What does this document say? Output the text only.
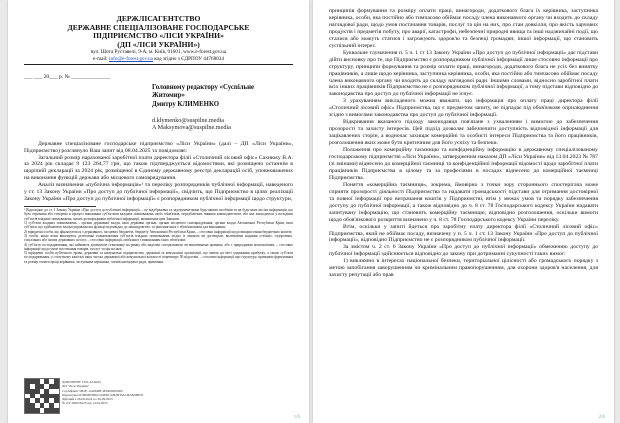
ДЕРЖЛІСАГЕНТСТВО
ДЕРЖАВНЕ СПЕЦІАЛІЗОВАНЕ ГОСПОДАРСЬКЕ
ПІДПРИЄМСТВО «ЛІСИ УКРАЇНИ»
(ДП «ЛІСИ УКРАЇНИ»)
вул. Шота Руставелі, 9-А, м. Київ, 01601, www.e-forest.gov.ua
e-mail: info@e-forest.gov.ua код згідно з ЄДРПОУ 44768034
___ ___ 20___ р. № ______________
Головному редактору «Суспільне
Житомир»
Дмитру КЛИМЕНКО
d.klymenko@suspilne.media
A Maksymova@suspilne.media

Державне спеціалізоване господарське підприємство «Ліси України» (далі – ДП «Ліси України», Підприємство) розглянуло Ваш запит від 08.04.2025 та повідомляє:

Загальний розмір нарахованої заробітної плати директора філії «Столичний лісовий офіс» Сахнюку В.А. за 2024 рік складає 9 123 264,77 грн, що також підтверджується відомостями, які розміщено останнім в щорічній декларації за 2024 рік, розміщеної в Єдиному державному реєстрі декларацій осіб, уповноважених на виконання функцій держави або місцевого самоврядування.

Аналіз визначення «публічна інформація»¹ та переліку розпорядників публічної інформації, наведеного у ст. 13 Закону України «Про доступ до публічної інформації», свідчить, що Підприємство в цілях реалізації Закону України «Про доступ до публічної інформації» є розпорядником публічної інформації щодо структури,

¹ Відповідно до ст. 1 Закону України «Про доступ до публічної інформації» – це відображена та задокументована будь-якими засобами та на будь-яких носіях інформація, що була отримана або створена в процесі виконання суб'єктами владних повноважень своїх обов'язків, передбачених чинним законодавством, або яка знаходиться у володінні суб'єктів владних повноважень, інших розпорядників публічної інформації, визначених цим Законом.

1) суб'єкти владних повноважень – органи державної влади, інші державні органи, органи місцевого самоврядування, органи влади Автономної Республіки Крим, інші суб'єкти, що здійснюють владні управлінські функції відповідно до законодавства, та рішення яких є обов'язковими для виконання;

2) юридичні особи, що фінансуються з державного, місцевих бюджетів, бюджету Автономної Республіки Крим, – стосовно інформації щодо використання бюджетних коштів;

3) особи, якщо вони виконують делеговані повноваження суб'єктів владних повноважень згідно із законом чи договором, включаючи надання освітніх, оздоровчих, соціальних або інших державних послуг, – стосовно інформації, пов'язаної з виконанням їхніх обов'язків;

4) суб'єкти господарювання, які займають домінуюче становище на ринку або наділені спеціальними чи виключними правами, або є природними монополіями, – стосовно інформації щодо умов постачання товарів, послуг та цін на них;

5) юридичні особи публічного права, державні та комунальні підприємства, державні та комунальні організації, що мають на меті одержання прибутку, а також суб'єкти господарювання, у статутному капіталі яких частка державної або комунальної власності перевищує 50 відсотків, – стосовно інформації про структуру, принципи формування та розмір оплати праці керівника, заступника керівника, членів наглядової ради, правління.

ДОКУМЕНТ СЕД АСКОД
ДП "Ліси України"
Сертифікат 5В2F...0A66DB 4E0400000000
Підписувач КЛИМЕНКО ОЛЕКСАНДР ВАСИЛЬОВИЧ
Дійсний з 26.09.2024 по 26.09.2025
№ ЛУ-0000/2025 від 14.04.2025
1/6

принципів формування та розміру оплати праці, винагороди, додаткового блага їх керівника, заступника керівника, особи, яка постійно або тимчасово обіймає посаду члена виконавчого органу чи входить до складу наглядової ради, щодо умов постачання товарів, послуг та цін на них, про стан довкілля, про якість харчових продуктів і предметів побуту, про аварії, катастрофи, небезпечні природні явища та інші надзвичайні події, що сталися або можуть статися і загрожують здоров'ю та безпеці громадян; іншої інформації, що становить суспільний інтерес.

Буквальне тлумачення п. 5 ч. 1 ст 13 Закону України «Про доступ до публічної інформації» дає підстави дійти висновку про те, що Підприємство є розпорядником публічної інформації лише стосовно інформації про структуру, принципи формування та розмір оплати праці, винагороди, додаткового блага не усіх без винятку працівників, а лише щодо керівника, заступника керівника, особи, яка постійно або тимчасово обіймає посаду члена виконавчого органу чи входить до складу наглядової ради. Іншими словами, відносно заробітної плати всіх інших працівників Підприємство не є розпорядником публічної інформації, а тому підстави відповідно до законодавства про доступ до публічної інформації не існує.

З урахуванням викладеного можна вважати, що інформація про оплату праці директора філії «Столичний лісовий офіс» Підприємства, що є предметом запиту, не підпадає під обов'язкове оприлюднення згідно з вимогами законодавства про доступ до публічної інформації.

Відкривання вказаного підходу законодавця пов'язане з ухваленням і вимогою до забезпечення прозорості та захисту інтересів. Цей підхід дозволяє забезпечити доступність відповідної інформації для зацікавлених сторін, а водночас захищає комерційні та особисті інтереси Підприємства та його працівників, розголошення яких може бути критичним для його успіху та безпеки.

Положення про комерційну таємницю та конфіденційну інформацію в державному спеціалізованому господарському підприємстві «Ліси України», затвердженим наказом ДП «Ліси України» від 13.04.2023 № 787 (зі змінами) віднесено до комерційної таємниці та конфіденційної інформації відомості щодо заробітної плати працівників Підприємства в цілому та за професіями в посадах віднесено до комерційної таємниці Підприємства.

Поняття «комерційна таємниця», зокрема, ймовірно з точки зору стороннього спостерігача може сприяти прозорості діяльності Підприємства та надавати громадськості підстави для отримання достовірної та повної інформації про витрачання коштів у Підприємстві, втім у межах умов та порядку забезпечення доступу до публічної інформації, а також відповідно до ч. 8 ст. 78 Господарського кодексу України надавати запитувану інформацію, що становить комерційну таємницю, відповідно розголошення, оскільки вимоги щодо обов'язкового розкриття визначено у ч. 8 ст. 78 Господарського кодексу України переліку.

Втім, оскільки у запиті йдеться про заробітну плату директора філії «Столичний лісовий офіс» Підприємства, який не обіймає посаду, визначену у п. 5 ч. 1 ст. 13 Закону України «Про доступ до публічної інформації», відповідно Підприємство не є розпорядником публічної інформації.

За змістом ч. 2 ст. 6 Закону України «Про доступ до публічної інформації» обмеженню доступу до публічної інформації здійснюється відповідно до закону при дотриманні сукупності таких вимог:

1) виключно в інтересах національної безпеки, територіальної цілісності або громадського порядку з метою запобігання заворушенням чи кримінальним правопорушенням, для охорони здоров'я населення, для захисту репутації або прав

2/6
